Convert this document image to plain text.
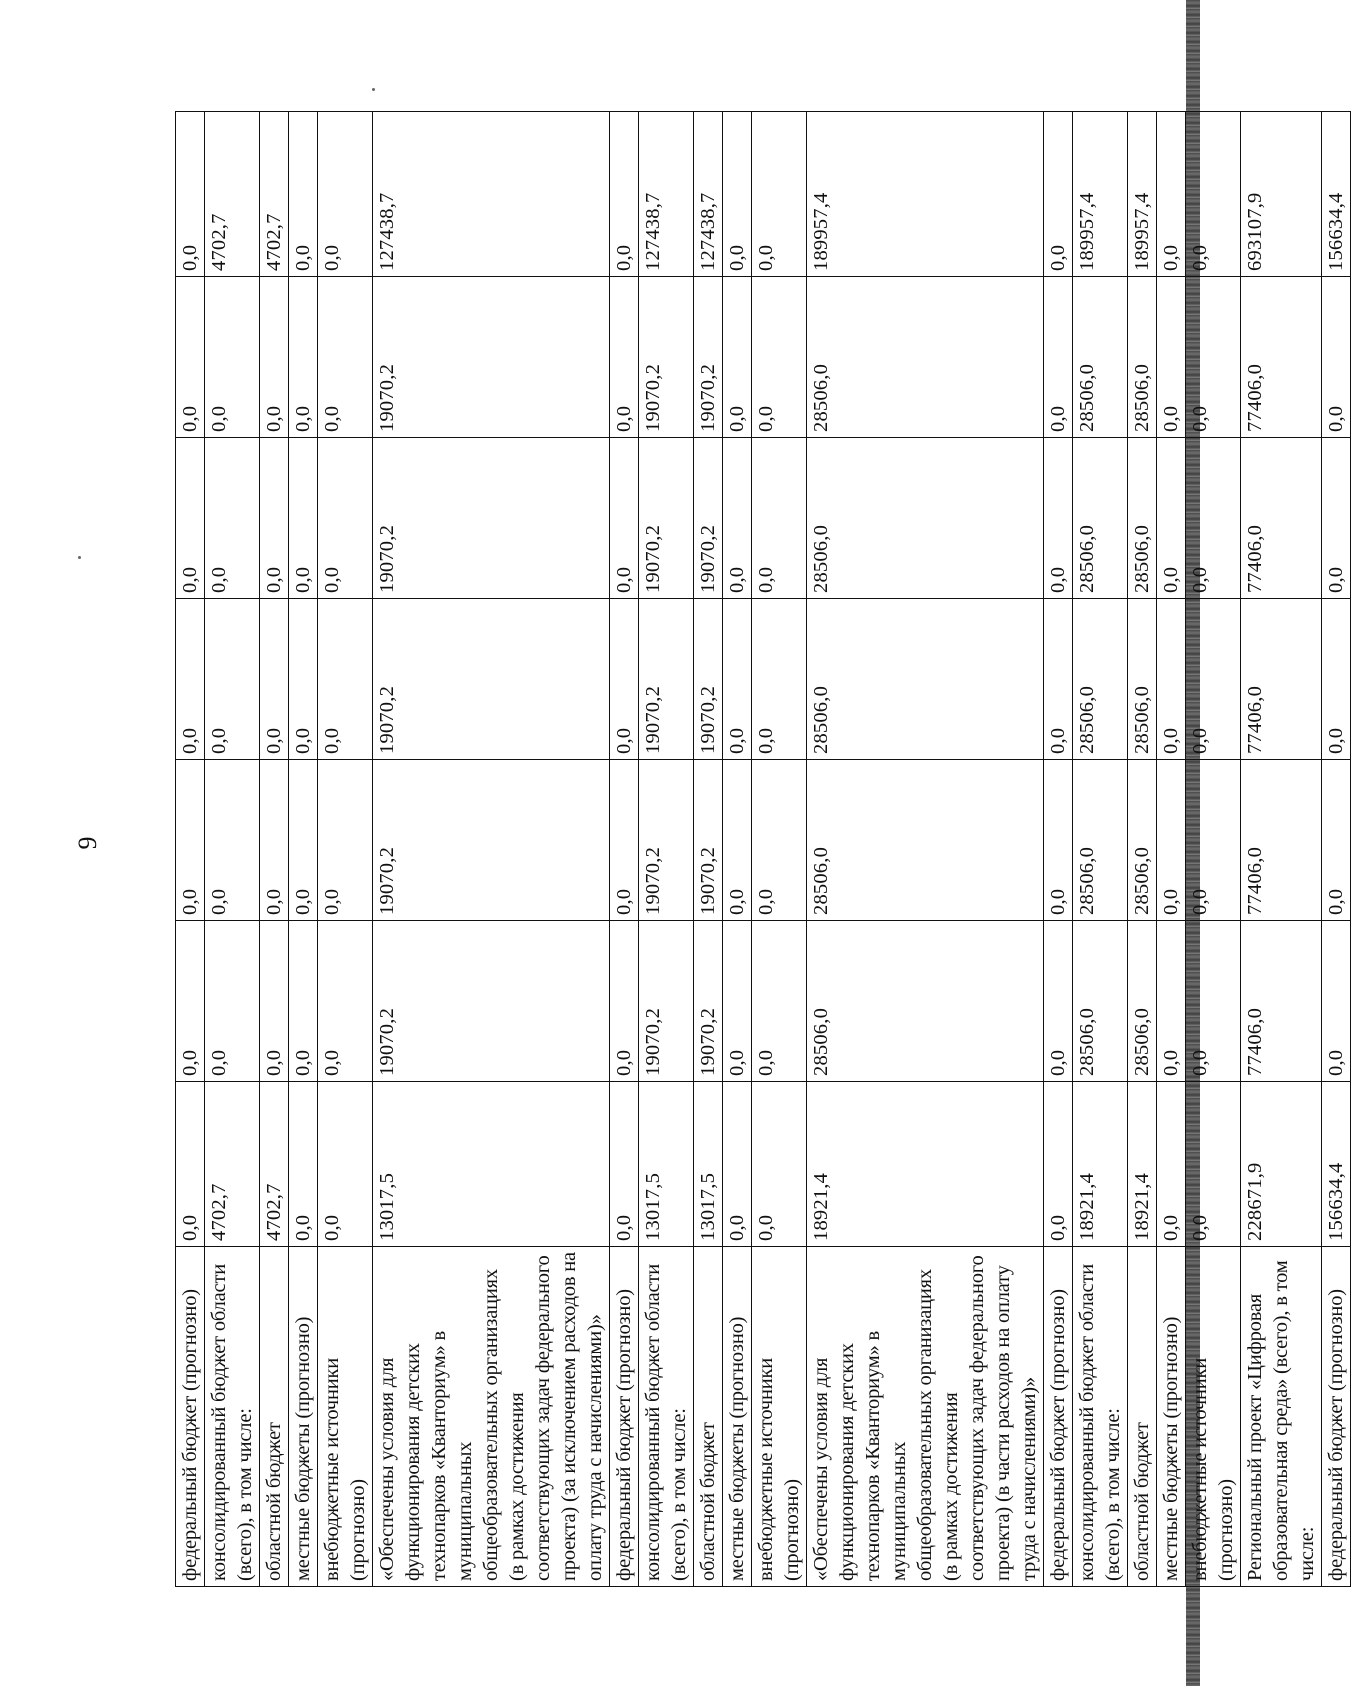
9
федеральный бюджет (прогнозно)	0,0	0,0	0,0	0,0	0,0	0,0	0,0
консолидированный бюджет области (всего), в том числе:	4702,7	0,0	0,0	0,0	0,0	0,0	4702,7
областной бюджет	4702,7	0,0	0,0	0,0	0,0	0,0	4702,7
местные бюджеты (прогнозно)	0,0	0,0	0,0	0,0	0,0	0,0	0,0
внебюджетные источники (прогнозно)	0,0	0,0	0,0	0,0	0,0	0,0	0,0
«Обеспечены условия для функционирования детских технопарков «Кванториум» в муниципальных общеобразовательных организациях (в рамках достижения соответствующих задач федерального проекта) (за исключением расходов на оплату труда с начислениями)»	13017,5	19070,2	19070,2	19070,2	19070,2	19070,2	127438,7
федеральный бюджет (прогнозно)	0,0	0,0	0,0	0,0	0,0	0,0	0,0
консолидированный бюджет области (всего), в том числе:	13017,5	19070,2	19070,2	19070,2	19070,2	19070,2	127438,7
областной бюджет	13017,5	19070,2	19070,2	19070,2	19070,2	19070,2	127438,7
местные бюджеты (прогнозно)	0,0	0,0	0,0	0,0	0,0	0,0	0,0
внебюджетные источники (прогнозно)	0,0	0,0	0,0	0,0	0,0	0,0	0,0
«Обеспечены условия для функционирования детских технопарков «Кванториум» в муниципальных общеобразовательных организациях (в рамках достижения соответствующих задач федерального проекта) (в части расходов на оплату труда с начислениями)»	18921,4	28506,0	28506,0	28506,0	28506,0	28506,0	189957,4
федеральный бюджет (прогнозно)	0,0	0,0	0,0	0,0	0,0	0,0	0,0
консолидированный бюджет области (всего), в том числе:	18921,4	28506,0	28506,0	28506,0	28506,0	28506,0	189957,4
областной бюджет	18921,4	28506,0	28506,0	28506,0	28506,0	28506,0	189957,4
местные бюджеты (прогнозно)	0,0	0,0	0,0	0,0	0,0	0,0	0,0
внебюджетные источники (прогнозно)	0,0	0,0	0,0	0,0	0,0	0,0	0,0
Региональный проект «Цифровая образовательная среда» (всего), в том числе:	228671,9	77406,0	77406,0	77406,0	77406,0	77406,0	693107,9
федеральный бюджет (прогнозно)	156634,4	0,0	0,0	0,0	0,0	0,0	156634,4
